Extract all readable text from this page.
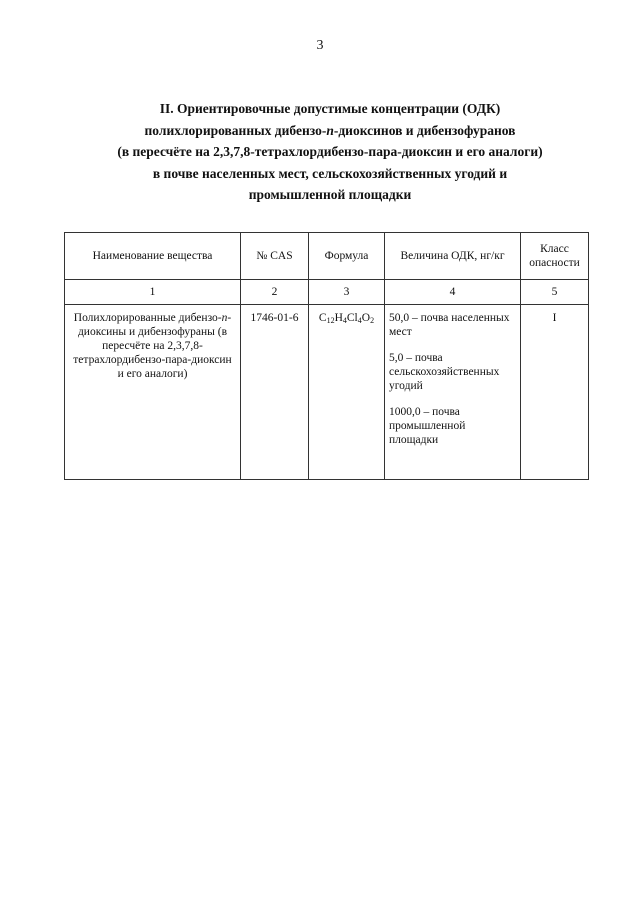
3
II. Ориентировочные допустимые концентрации (ОДК)
полихлорированных дибензо-п-диоксинов и дибензофуранов
(в пересчёте на 2,3,7,8-тетрахлордибензо-пара-диоксин и его аналоги)
в почве населенных мест, сельскохозяйственных угодий и
промышленной площадки
Наименование вещества	№ CAS	Формула	Величина ОДК, нг/кг	Класс
опасности
1	2	3	4	5
Полихлорированные дибензо-п-диоксины и дибензофураны (в пересчёте на 2,3,7,8-тетрахлордибензо-пара-диоксин и его аналоги)	1746-01-6	$C_{12}H_4Cl_4O_2$	50,0 – почва населенных мест
5,0 – почва сельскохозяйственных угодий
1000,0 – почва промышленной площадки	I
